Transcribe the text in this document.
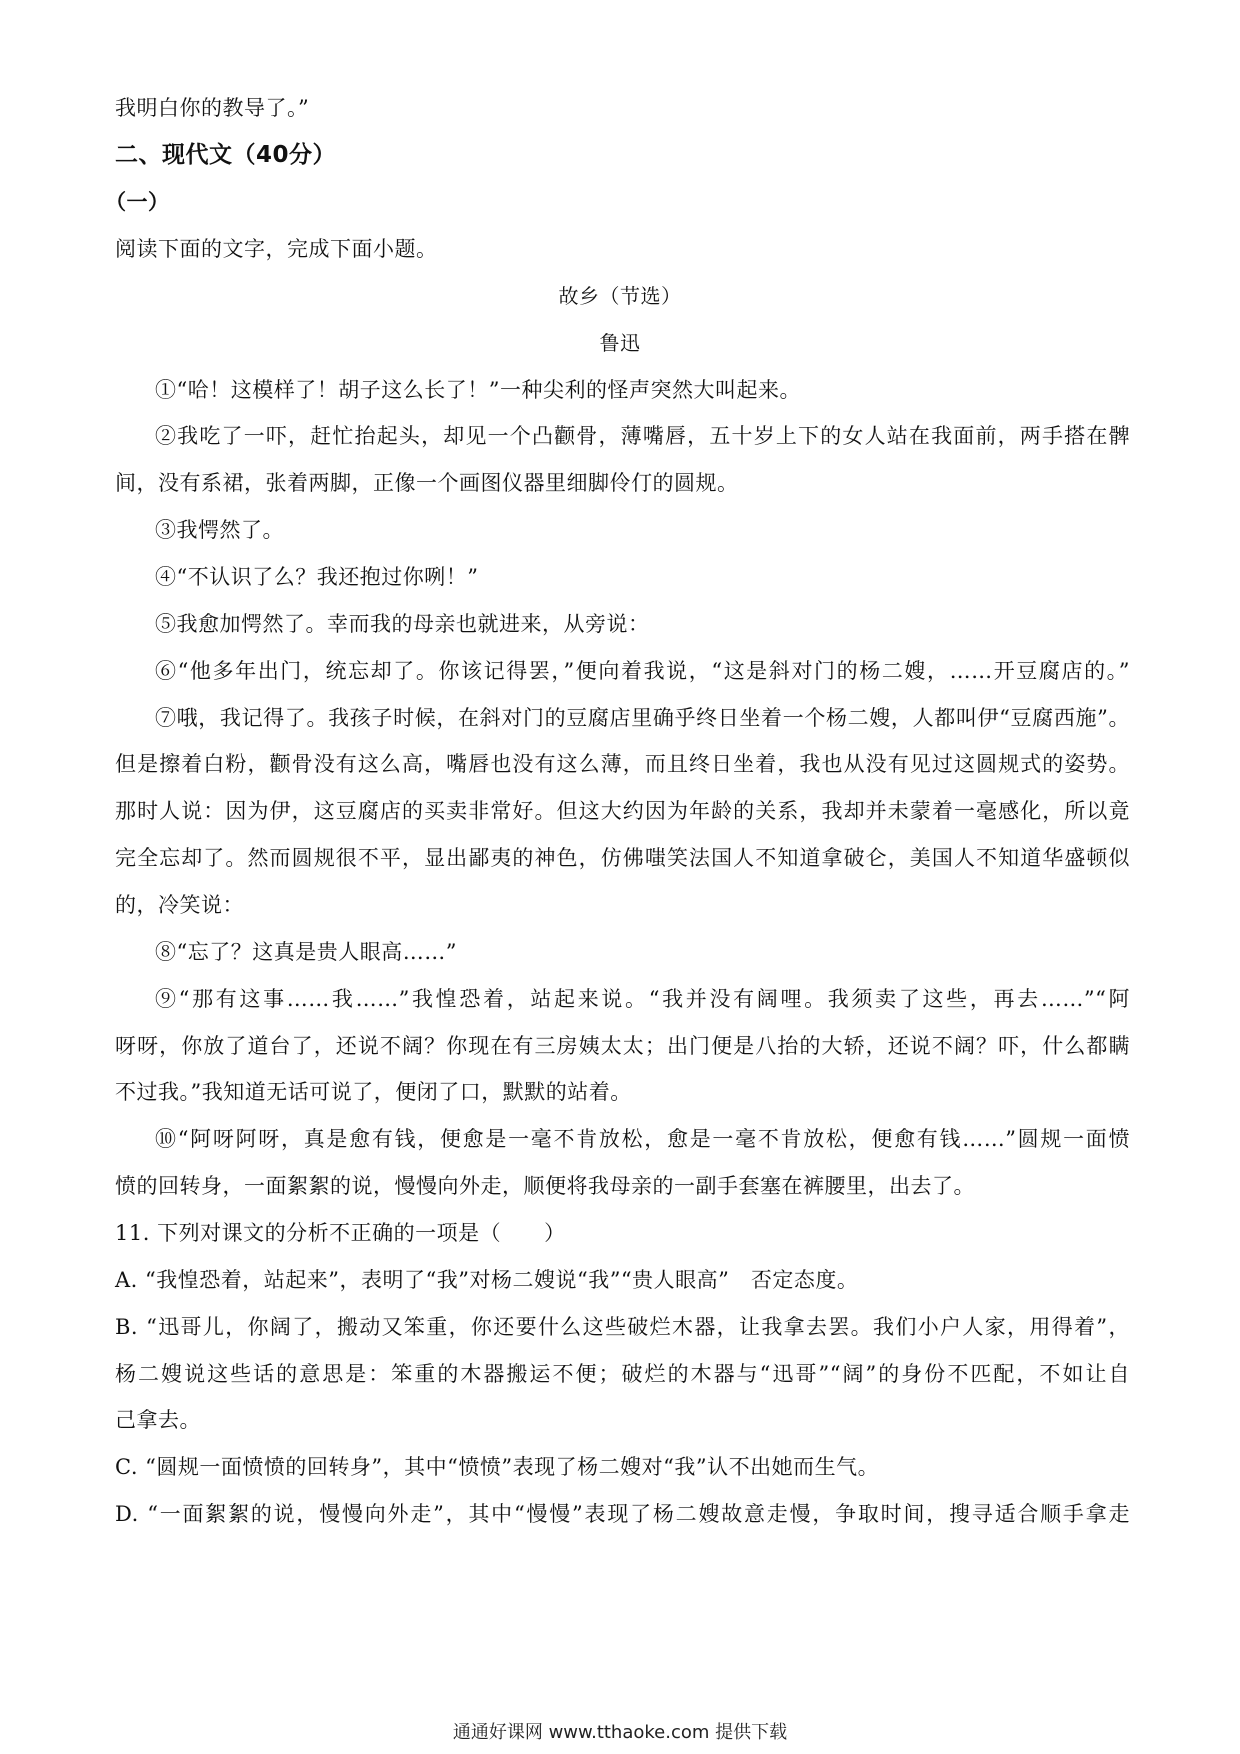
我明白你的教导了。”
二、现代文（40分）
（一）
阅读下面的文字，完成下面小题。
故乡（节选）
鲁迅
①“哈！这模样了！胡子这么长了！”一种尖利的怪声突然大叫起来。
②我吃了一吓，赶忙抬起头，却见一个凸颧骨，薄嘴唇，五十岁上下的女人站在我面前，两手搭在髀
间，没有系裙，张着两脚，正像一个画图仪器里细脚伶仃的圆规。
③我愕然了。
④“不认识了么？我还抱过你咧！”
⑤我愈加愕然了。幸而我的母亲也就进来，从旁说：
⑥“他多年出门，统忘却了。你该记得罢，”便向着我说，“这是斜对门的杨二嫂，……开豆腐店的。”
⑦哦，我记得了。我孩子时候，在斜对门的豆腐店里确乎终日坐着一个杨二嫂，人都叫伊“豆腐西施”。
但是擦着白粉，颧骨没有这么高，嘴唇也没有这么薄，而且终日坐着，我也从没有见过这圆规式的姿势。
那时人说：因为伊，这豆腐店的买卖非常好。但这大约因为年龄的关系，我却并未蒙着一毫感化，所以竟
完全忘却了。然而圆规很不平，显出鄙夷的神色，仿佛嗤笑法国人不知道拿破仑，美国人不知道华盛顿似
的，冷笑说：
⑧“忘了？这真是贵人眼高……”
⑨“那有这事……我……”我惶恐着，站起来说。“我并没有阔哩。我须卖了这些，再去……”“阿
呀呀，你放了道台了，还说不阔？你现在有三房姨太太；出门便是八抬的大轿，还说不阔？吓，什么都瞒
不过我。”我知道无话可说了，便闭了口，默默的站着。
⑩“阿呀阿呀，真是愈有钱，便愈是一毫不肯放松，愈是一毫不肯放松，便愈有钱……”圆规一面愤
愤的回转身，一面絮絮的说，慢慢向外走，顺便将我母亲的一副手套塞在裤腰里，出去了。
11. 下列对课文的分析不正确的一项是（　　）
A. “我惶恐着，站起来”，表明了“我”对杨二嫂说“我”“贵人眼高”　否定态度。
B. “迅哥儿，你阔了，搬动又笨重，你还要什么这些破烂木器，让我拿去罢。我们小户人家，用得着”，
杨二嫂说这些话的意思是：笨重的木器搬运不便；破烂的木器与“迅哥”“阔”的身份不匹配，不如让自
己拿去。
C. “圆规一面愤愤的回转身”，其中“愤愤”表现了杨二嫂对“我”认不出她而生气。
D. “一面絮絮的说，慢慢向外走”，其中“慢慢”表现了杨二嫂故意走慢，争取时间，搜寻适合顺手拿走
通通好课网 www.tthaoke.com 提供下载
